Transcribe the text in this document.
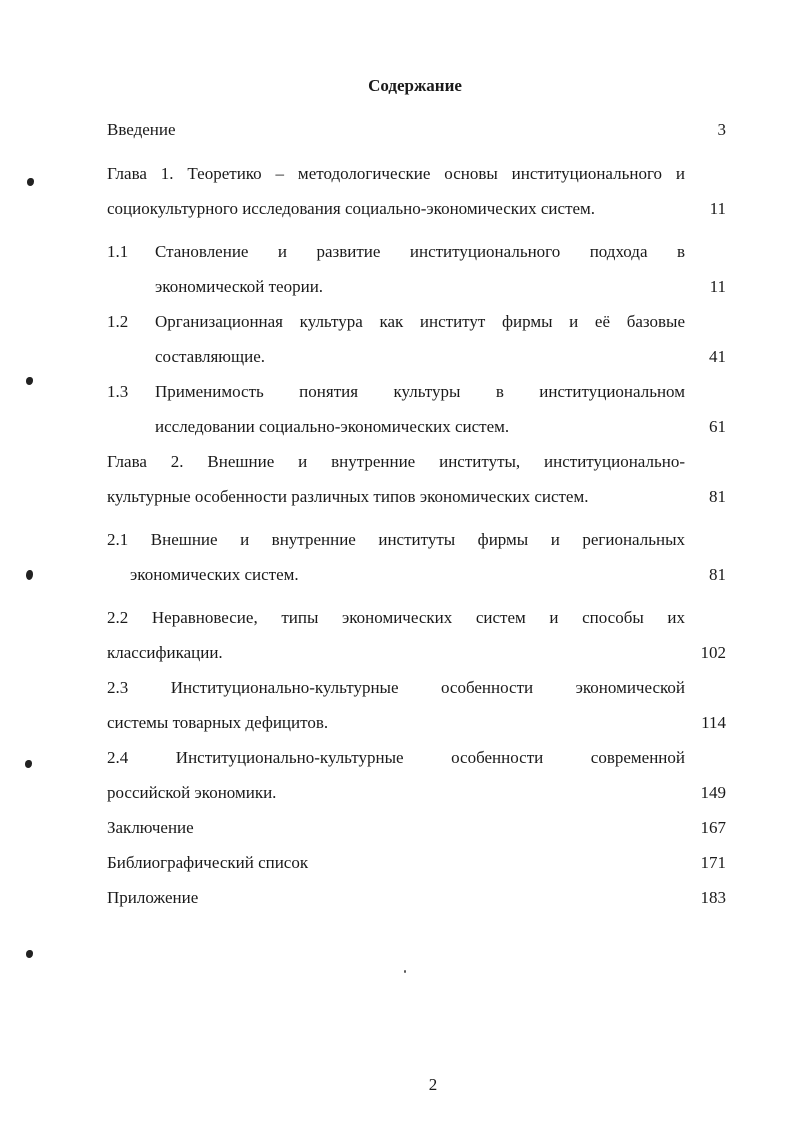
Содержание
Введение	3
Глава 1. Теоретико – методологические основы институционального и
социокультурного исследования социально-экономических систем.	11
1.1	Становление и развитие институционального подхода в
экономической теории.	11
1.2	Организационная культура как институт фирмы и её базовые
составляющие.	41
1.3	Применимость понятия культуры в институциональном
исследовании социально-экономических систем.	61
Глава 2. Внешние и внутренние институты, институционально-
культурные особенности различных типов экономических систем.	81
2.1 Внешние и внутренние институты фирмы и региональных
экономических систем.	81
2.2 Неравновесие, типы экономических систем и способы их
классификации.	102
2.3 Институционально-культурные особенности экономической
системы товарных дефицитов.	114
2.4 Институционально-культурные особенности современной
российской экономики.	149
Заключение	167
Библиографический список	171
Приложение	183
2
